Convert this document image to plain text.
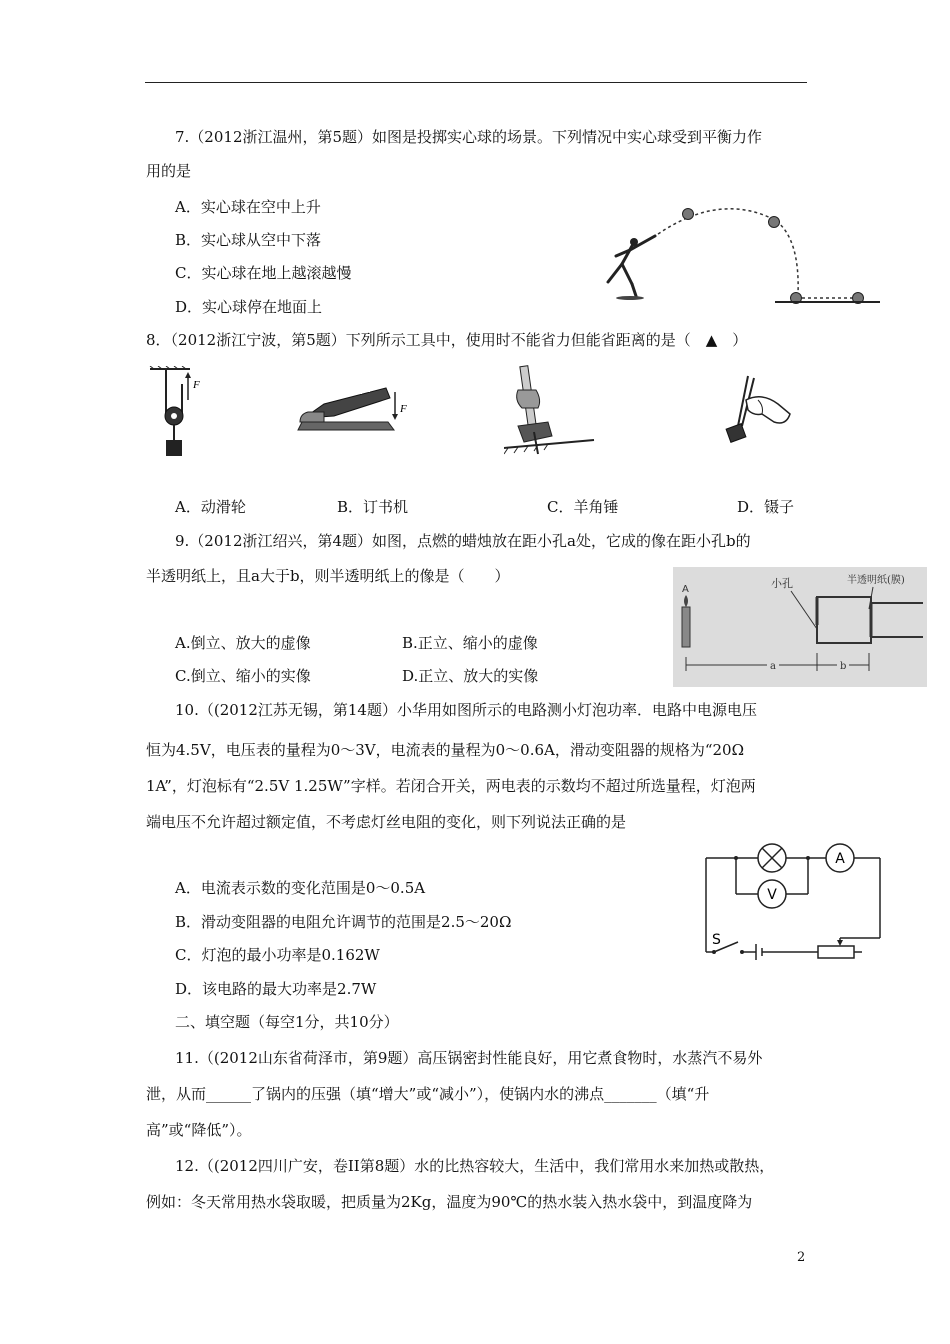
7.（2012浙江温州，第5题）如图是投掷实心球的场景。下列情况中实心球受到平衡力作
用的是
A．实心球在空中上升
B．实心球从空中下落
C．实心球在地上越滚越慢
D．实心球停在地面上
8．（2012浙江宁波，第5题）下列所示工具中，使用时不能省力但能省距离的是（　▲　）
F
F
A．动滑轮	B．订书机	C．羊角锤	D．镊子
9.（2012浙江绍兴，第4题）如图，点燃的蜡烛放在距小孔a处，它成的像在距小孔b的
半透明纸上，且a大于b，则半透明纸上的像是（　　）
A	小孔	半透明纸(膜)
a	b
A.倒立、放大的虚像	B.正立、缩小的虚像
C.倒立、缩小的实像	D.正立、放大的实像
10.（(2012江苏无锡，第14题）小华用如图所示的电路测小灯泡功率．电路中电源电压
恒为4.5V，电压表的量程为0～3V，电流表的量程为0～0.6A，滑动变阻器的规格为“20Ω
1A”，灯泡标有“2.5V 1.25W”字样。若闭合开关，两电表的示数均不超过所选量程，灯泡两
端电压不允许超过额定值，不考虑灯丝电阻的变化，则下列说法正确的是
A
V
S
A．电流表示数的变化范围是0～0.5A
B．滑动变阻器的电阻允许调节的范围是2.5～20Ω
C．灯泡的最小功率是0.162W
D．该电路的最大功率是2.7W
二、填空题（每空1分，共10分）
11.（(2012山东省荷泽市，第9题）高压锅密封性能良好，用它煮食物时，水蒸汽不易外
泄，从而______了锅内的压强（填“增大”或“减小”），使锅内水的沸点_______（填“升
高”或“降低”）。
12.（(2012四川广安，卷II第8题）水的比热容较大，生活中，我们常用水来加热或散热，
例如：冬天常用热水袋取暖，把质量为2Kg，温度为90℃的热水装入热水袋中，到温度降为
2
